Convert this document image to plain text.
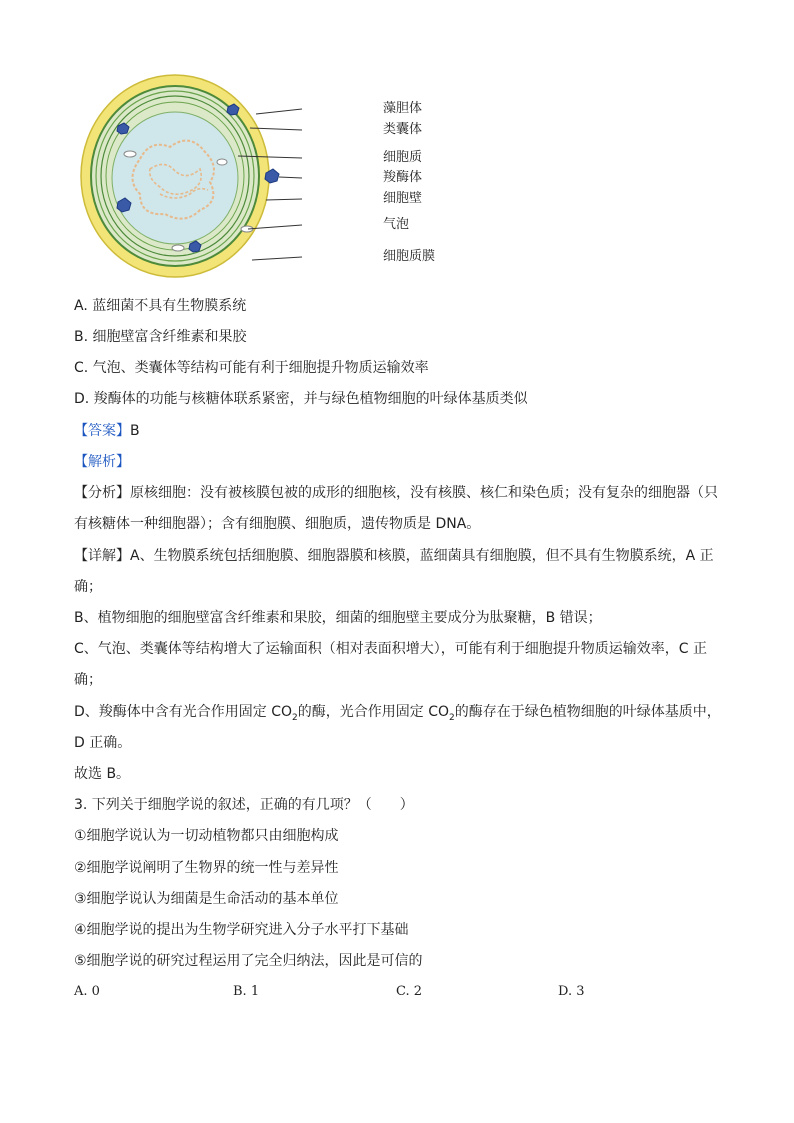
藻胆体
类囊体
细胞质
羧酶体
细胞壁
气泡
细胞质膜
A. 蓝细菌不具有生物膜系统
B. 细胞壁富含纤维素和果胶
C. 气泡、类囊体等结构可能有利于细胞提升物质运输效率
D. 羧酶体的功能与核糖体联系紧密，并与绿色植物细胞的叶绿体基质类似
【答案】B
【解析】
【分析】原核细胞：没有被核膜包被的成形的细胞核，没有核膜、核仁和染色质；没有复杂的细胞器（只
有核糖体一种细胞器）；含有细胞膜、细胞质，遗传物质是 DNA。
【详解】A、生物膜系统包括细胞膜、细胞器膜和核膜，蓝细菌具有细胞膜，但不具有生物膜系统，A 正
确；
B、植物细胞的细胞壁富含纤维素和果胶，细菌的细胞壁主要成分为肽聚糖，B 错误；
C、气泡、类囊体等结构增大了运输面积（相对表面积增大），可能有利于细胞提升物质运输效率，C 正
确；
D、羧酶体中含有光合作用固定 $CO_2$的酶，光合作用固定 $CO_2$的酶存在于绿色植物细胞的叶绿体基质中，
D 正确。
故选 B。
3. 下列关于细胞学说的叙述，正确的有几项？（　　）
①细胞学说认为一切动植物都只由细胞构成
②细胞学说阐明了生物界的统一性与差异性
③细胞学说认为细菌是生命活动的基本单位
④细胞学说的提出为生物学研究进入分子水平打下基础
⑤细胞学说的研究过程运用了完全归纳法，因此是可信的
A. 0	B. 1	C. 2	D. 3
